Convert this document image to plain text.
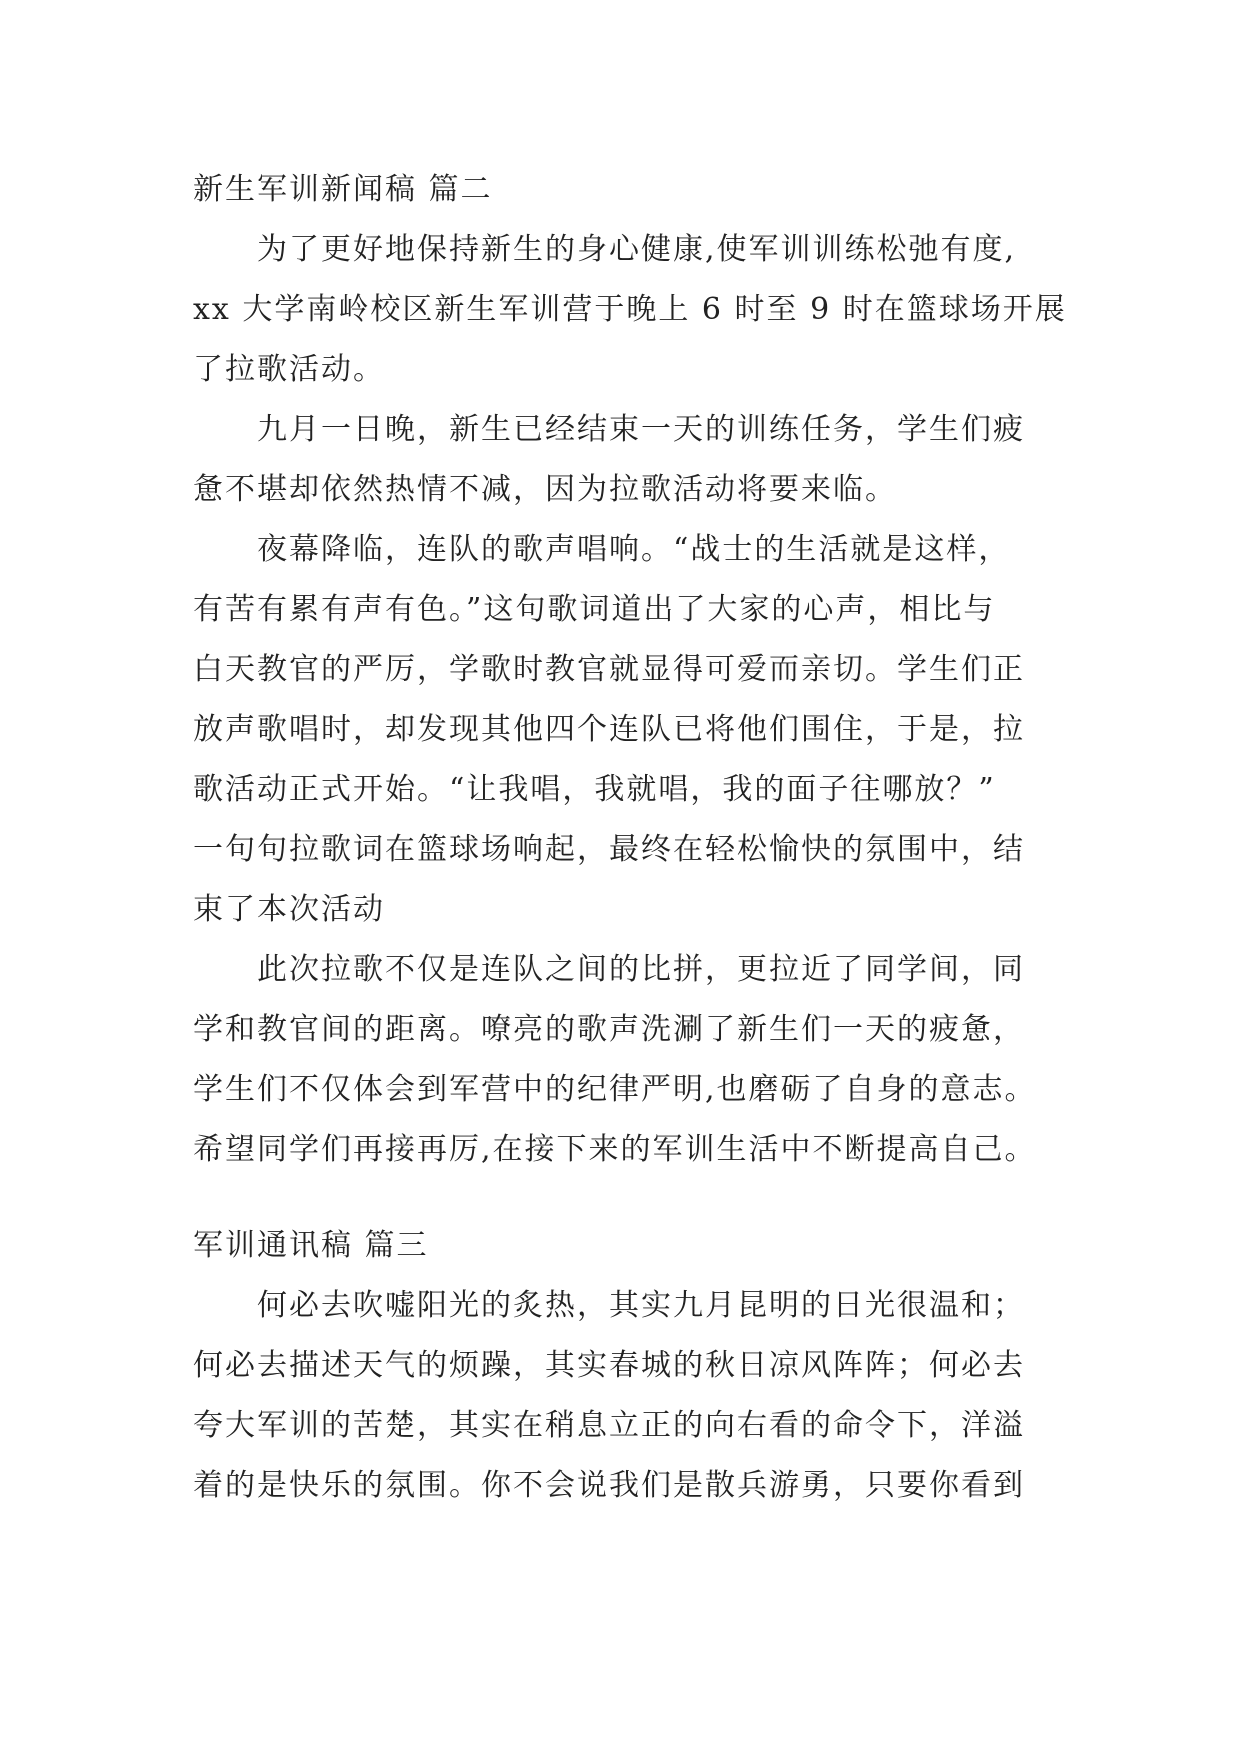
新生军训新闻稿 篇二

为了更好地保持新生的身心健康,使军训训练松弛有度,

xx 大学南岭校区新生军训营于晚上 6 时至 9 时在篮球场开展

了拉歌活动。

九月一日晚，新生已经结束一天的训练任务，学生们疲

惫不堪却依然热情不减，因为拉歌活动将要来临。

夜幕降临，连队的歌声唱响。“战士的生活就是这样，

有苦有累有声有色。”这句歌词道出了大家的心声，相比与

白天教官的严厉，学歌时教官就显得可爱而亲切。学生们正

放声歌唱时，却发现其他四个连队已将他们围住，于是，拉

歌活动正式开始。“让我唱，我就唱，我的面子往哪放？”

一句句拉歌词在篮球场响起，最终在轻松愉快的氛围中，结

束了本次活动

此次拉歌不仅是连队之间的比拼，更拉近了同学间，同

学和教官间的距离。嘹亮的歌声洗涮了新生们一天的疲惫，

学生们不仅体会到军营中的纪律严明,也磨砺了自身的意志。

希望同学们再接再厉,在接下来的军训生活中不断提高自己。

军训通讯稿 篇三

何必去吹嘘阳光的炙热，其实九月昆明的日光很温和；

何必去描述天气的烦躁，其实春城的秋日凉风阵阵；何必去

夸大军训的苦楚，其实在稍息立正的向右看的命令下，洋溢

着的是快乐的氛围。你不会说我们是散兵游勇，只要你看到
